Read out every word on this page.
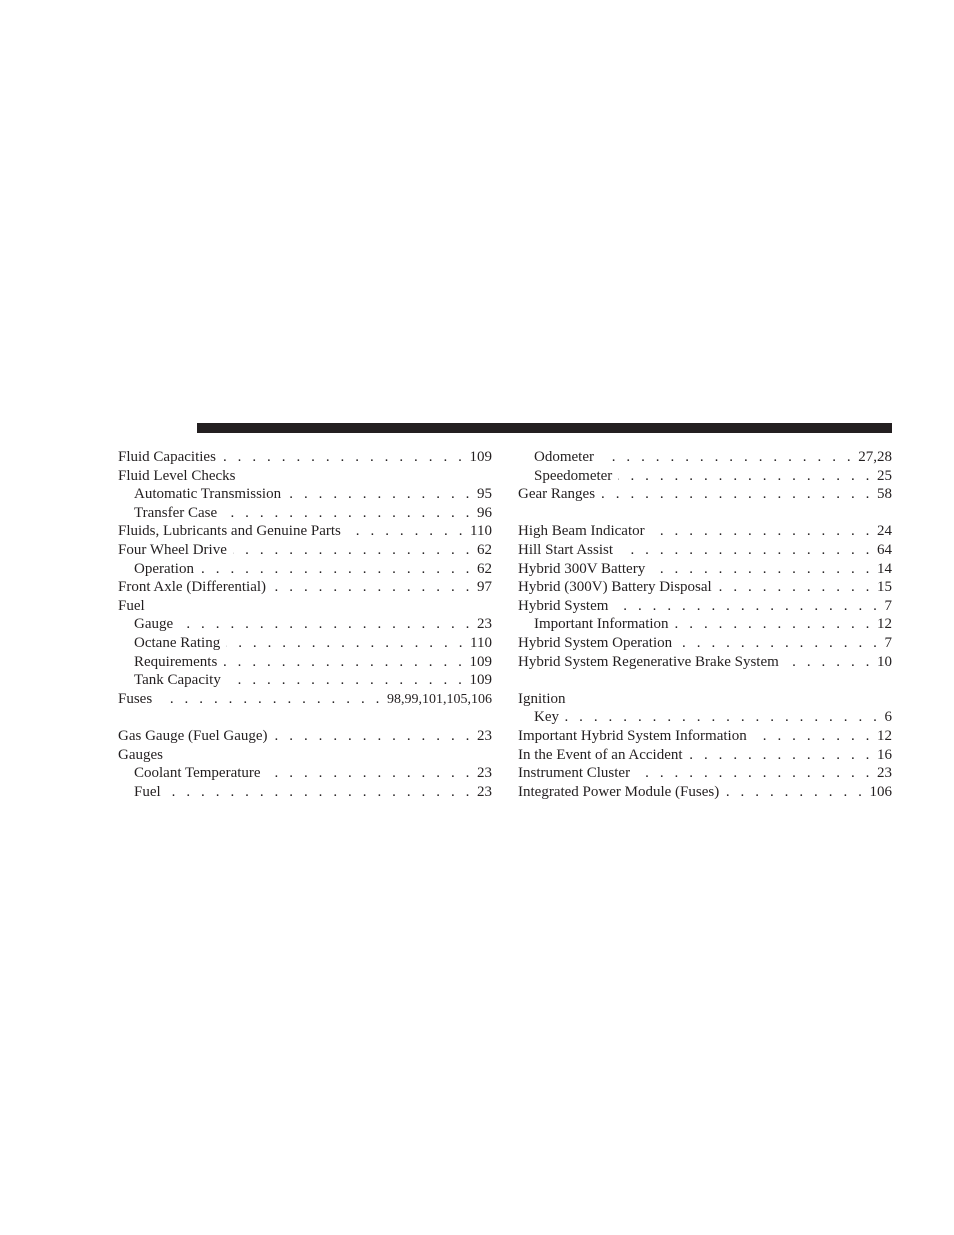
Fluid Capacities . . .	109
Fluid Level Checks
Automatic Transmission . . .	95
Transfer Case . . .	96
Fluids, Lubricants and Genuine Parts . . .	110
Four Wheel Drive . . .	62
Operation . . .	62
Front Axle (Differential) . . .	97
Fuel
Gauge . . .	23
Octane Rating . . .	110
Requirements . . .	109
Tank Capacity . . .	109
Fuses . . .	98,99,101,105,106
Gas Gauge (Fuel Gauge) . . .	23
Gauges
Coolant Temperature . . .	23
Fuel . . .	23
Odometer . . .	27,28
Speedometer . . .	25
Gear Ranges . . .	58
High Beam Indicator . . .	24
Hill Start Assist . . .	64
Hybrid 300V Battery . . .	14
Hybrid (300V) Battery Disposal . . .	15
Hybrid System . . .	7
Important Information . . .	12
Hybrid System Operation . . .	7
Hybrid System Regenerative Brake System . . .	10
Ignition
Key . . .	6
Important Hybrid System Information . . .	12
In the Event of an Accident . . .	16
Instrument Cluster . . .	23
Integrated Power Module (Fuses) . . .	106
